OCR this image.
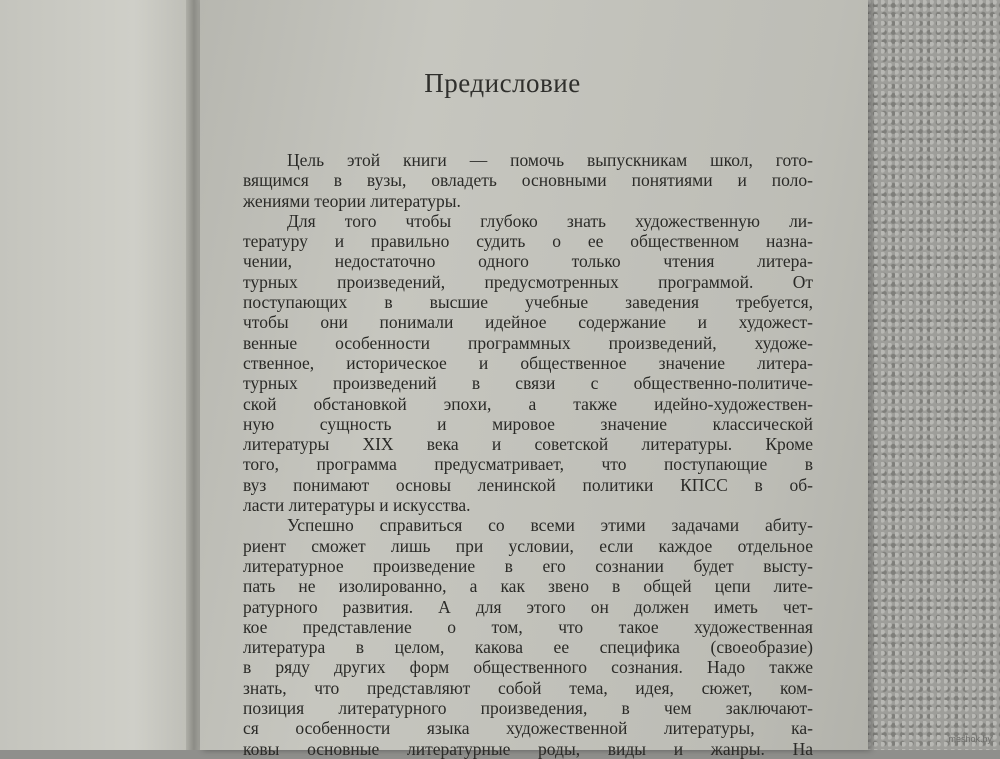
Предисловие
Цель этой книги — помочь выпускникам школ, гото-
вящимся в вузы, овладеть основными понятиями и поло-
жениями теории литературы.
Для того чтобы глубоко знать художественную ли-
тературу и правильно судить о ее общественном назна-
чении, недостаточно одного только чтения литера-
турных произведений, предусмотренных программой. От
поступающих в высшие учебные заведения требуется,
чтобы они понимали идейное содержание и художест-
венные особенности программных произведений, художе-
ственное, историческое и общественное значение литера-
турных произведений в связи с общественно-политиче-
ской обстановкой эпохи, а также идейно-художествен-
ную сущность и мировое значение классической
литературы XIX века и советской литературы. Кроме
того, программа предусматривает, что поступающие в
вуз понимают основы ленинской политики КПСС в об-
ласти литературы и искусства.
Успешно справиться со всеми этими задачами абиту-
риент сможет лишь при условии, если каждое отдельное
литературное произведение в его сознании будет высту-
пать не изолированно, а как звено в общей цепи лите-
ратурного развития. А для этого он должен иметь чет-
кое представление о том, что такое художественная
литература в целом, какова ее специфика (своеобразие)
в ряду других форм общественного сознания. Надо также
знать, что представляют собой тема, идея, сюжет, ком-
позиция литературного произведения, в чем заключают-
ся особенности языка художественной литературы, ка-
ковы основные литературные роды, виды и жанры. На	meshok.by
